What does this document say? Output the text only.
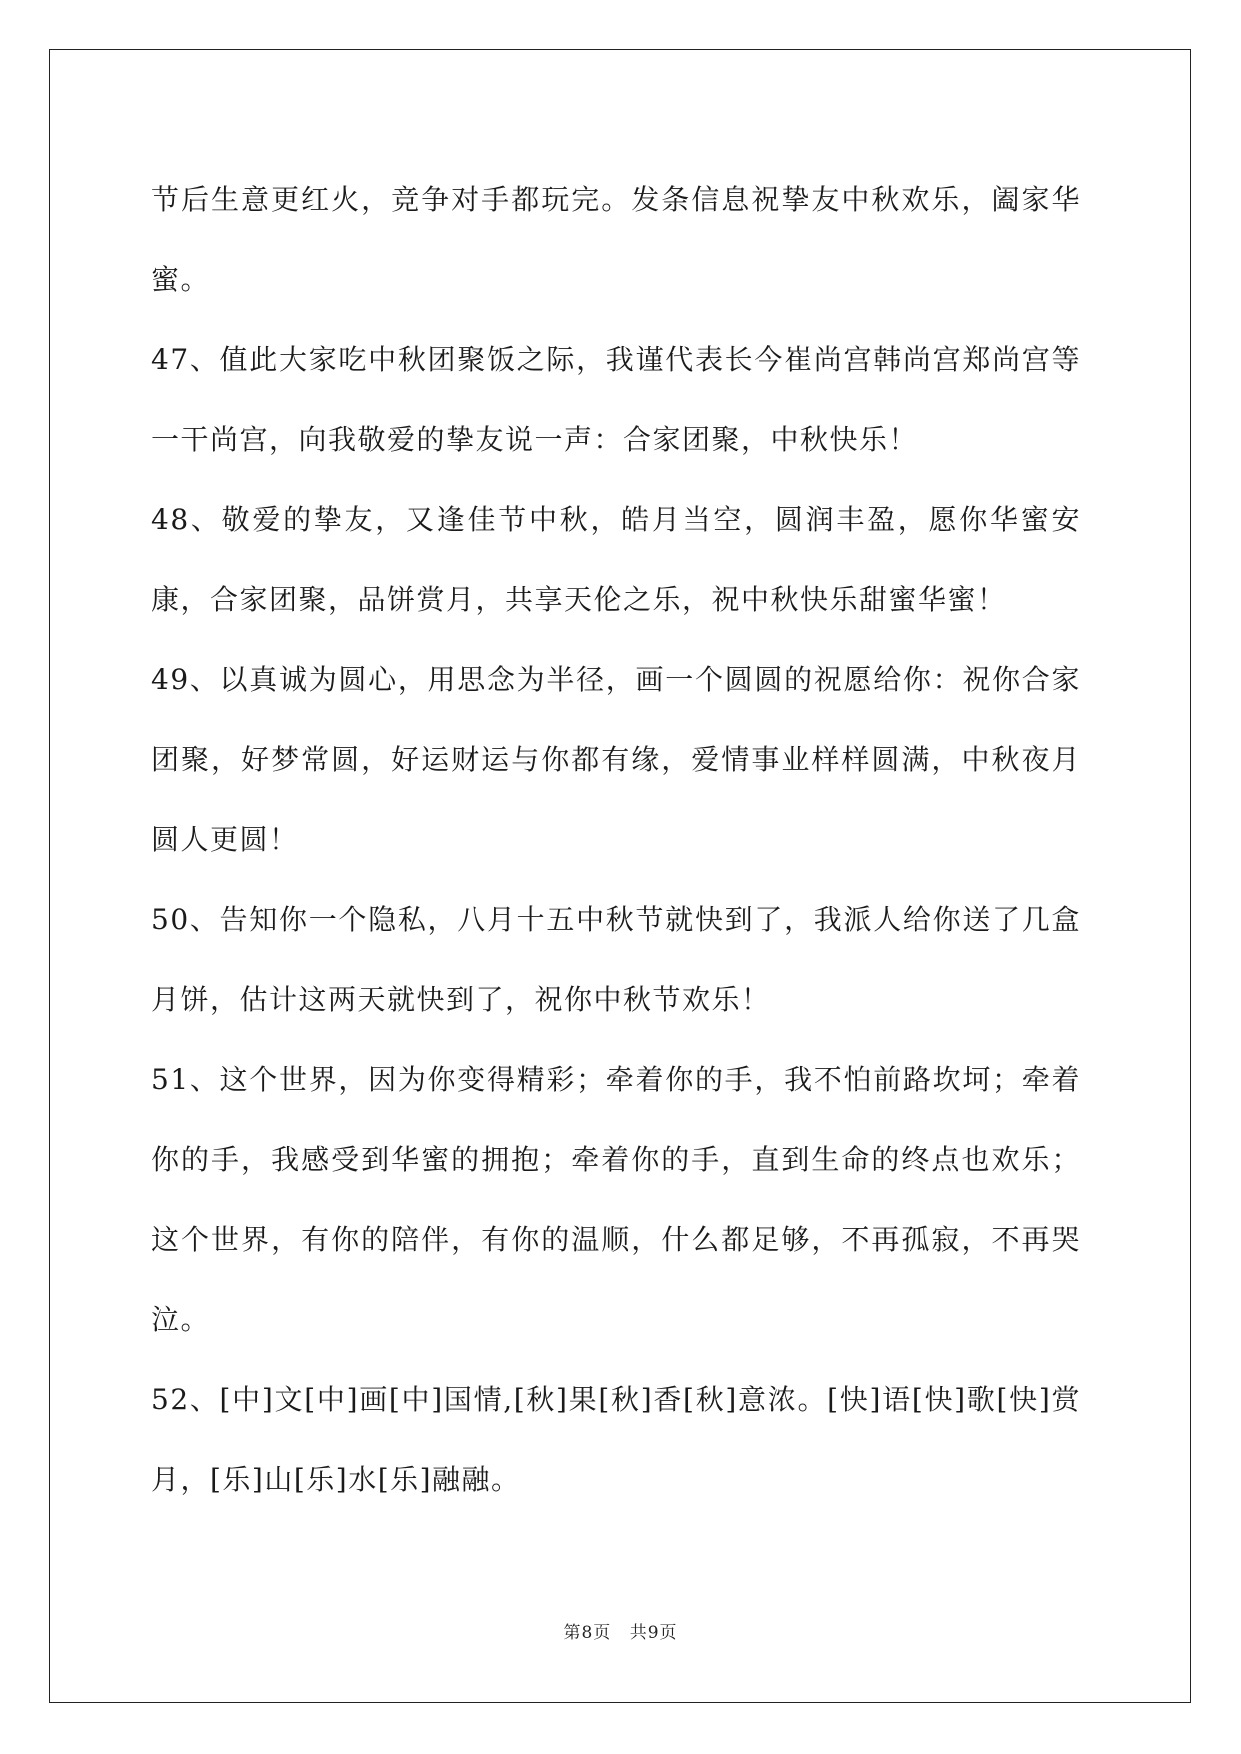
节后生意更红火，竞争对手都玩完。发条信息祝挚友中秋欢乐，阖家华蜜。

47、值此大家吃中秋团聚饭之际，我谨代表长今崔尚宫韩尚宫郑尚宫等一干尚宫，向我敬爱的挚友说一声：合家团聚，中秋快乐！

48、敬爱的挚友，又逢佳节中秋，皓月当空，圆润丰盈，愿你华蜜安康，合家团聚，品饼赏月，共享天伦之乐，祝中秋快乐甜蜜华蜜！

49、以真诚为圆心，用思念为半径，画一个圆圆的祝愿给你：祝你合家团聚，好梦常圆，好运财运与你都有缘，爱情事业样样圆满，中秋夜月圆人更圆！

50、告知你一个隐私，八月十五中秋节就快到了，我派人给你送了几盒月饼，估计这两天就快到了，祝你中秋节欢乐！

51、这个世界，因为你变得精彩；牵着你的手，我不怕前路坎坷；牵着你的手，我感受到华蜜的拥抱；牵着你的手，直到生命的终点也欢乐；这个世界，有你的陪伴，有你的温顺，什么都足够，不再孤寂，不再哭泣。

52、[中]文[中]画[中]国情,[秋]果[秋]香[秋]意浓。[快]语[快]歌[快]赏月，[乐]山[乐]水[乐]融融。

第8页 共9页
